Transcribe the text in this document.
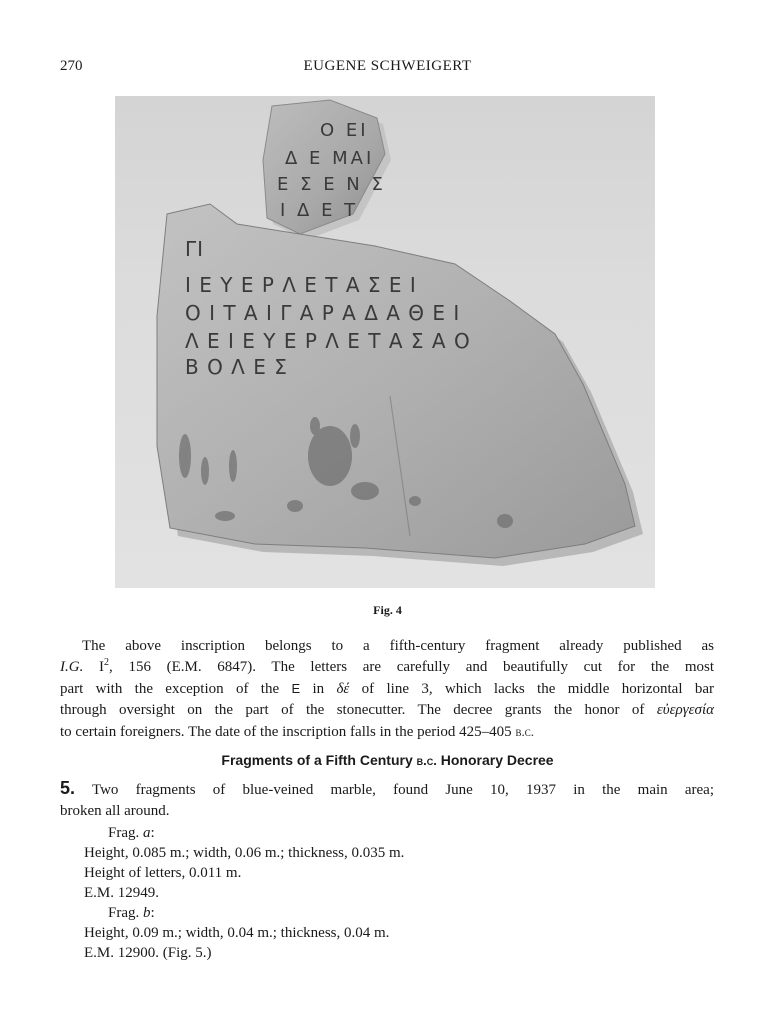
270	EUGENE SCHWEIGERT
Ο ΕΙ
Δ Ε ΜΑΙ
Ε Σ Ε Ν Σ
Ι Δ Ε Τ
ΓΙ
Ι Ε Υ Ε Ρ Λ Ε Τ Α Σ Ε Ι
Ο Ι Τ Α Ι Γ Α Ρ Α Δ Α Θ Ε Ι
Λ Ε Ι Ε Υ Ε Ρ Λ Ε Τ Α Σ Α Ο
Β Ο Λ Ε Σ
Fig. 4
The above inscription belongs to a fifth-century fragment already published as
I.G. $I^2$, 156 (E.M. 6847). The letters are carefully and beautifully cut for the most
part with the exception of the E in δέ of line 3, which lacks the middle horizontal bar
through oversight on the part of the stonecutter. The decree grants the honor of εὐεργεσία
to certain foreigners. The date of the inscription falls in the period 425–405 b.c.
Fragments of a Fifth Century b.c. Honorary Decree
5. Two fragments of blue-veined marble, found June 10, 1937 in the main area;
broken all around.
Frag. a:
Height, 0.085 m.; width, 0.06 m.; thickness, 0.035 m.
Height of letters, 0.011 m.
E.M. 12949.
Frag. b:
Height, 0.09 m.; width, 0.04 m.; thickness, 0.04 m.
E.M. 12900. (Fig. 5.)
